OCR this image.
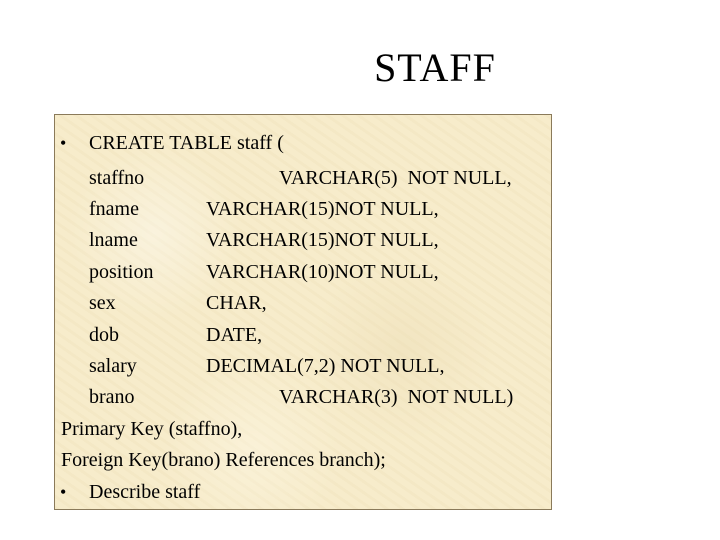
STAFF
• CREATE TABLE staff (
staffno	VARCHAR(5)  NOT NULL,
fname	VARCHAR(15)NOT NULL,
lname	VARCHAR(15)NOT NULL,
position	VARCHAR(10)NOT NULL,
sex	CHAR,
dob	DATE,
salary	DECIMAL(7,2) NOT NULL,
brano	VARCHAR(3)  NOT NULL)
Primary Key (staffno),
Foreign Key(brano) References branch);
• Describe staff
